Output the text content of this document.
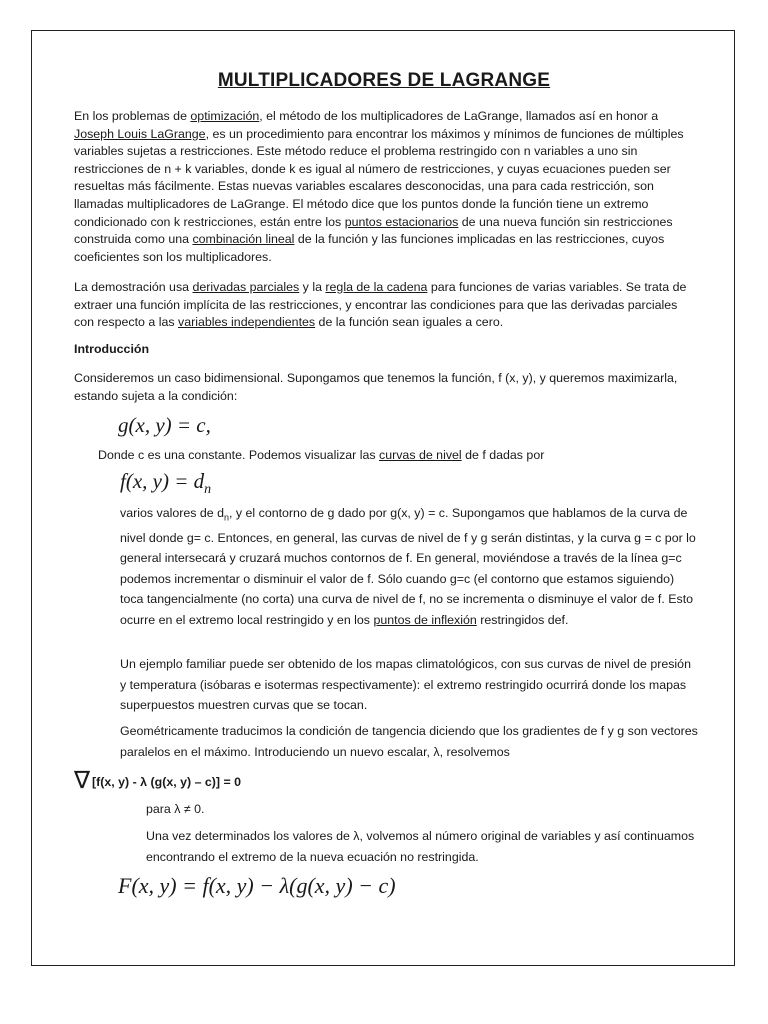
MULTIPLICADORES DE LAGRANGE
En los problemas de optimización, el método de los multiplicadores de LaGrange, llamados así en honor a Joseph Louis LaGrange, es un procedimiento para encontrar los máximos y mínimos de funciones de múltiples variables sujetas a restricciones. Este método reduce el problema restringido con n variables a uno sin restricciones de n + k variables, donde k es igual al número de restricciones, y cuyas ecuaciones pueden ser resueltas más fácilmente. Estas nuevas variables escalares desconocidas, una para cada restricción, son llamadas multiplicadores de LaGrange. El método dice que los puntos donde la función tiene un extremo condicionado con k restricciones, están entre los puntos estacionarios de una nueva función sin restricciones construida como una combinación lineal de la función y las funciones implicadas en las restricciones, cuyos coeficientes son los multiplicadores.
La demostración usa derivadas parciales y la regla de la cadena para funciones de varias variables. Se trata de extraer una función implícita de las restricciones, y encontrar las condiciones para que las derivadas parciales con respecto a las variables independientes de la función sean iguales a cero.
Introducción
Consideremos un caso bidimensional. Supongamos que tenemos la función, f (x, y), y queremos maximizarla, estando sujeta a la condición:
g(x, y) = c,
Donde c es una constante. Podemos visualizar las curvas de nivel de f dadas por
f(x, $y) = d_n$
varios valores de $d_n$, y el contorno de g dado por g(x, y) = c. Supongamos que hablamos de la curva de nivel donde g= c. Entonces, en general, las curvas de nivel de f y g serán distintas, y la curva g = c por lo general intersecará y cruzará muchos contornos de f. En general, moviéndose a través de la línea g=c podemos incrementar o disminuir el valor de f. Sólo cuando g=c (el contorno que estamos siguiendo) toca tangencialmente (no corta) una curva de nivel de f, no se incrementa o disminuye el valor de f. Esto ocurre en el extremo local restringido y en los puntos de inflexión restringidos def.
Un ejemplo familiar puede ser obtenido de los mapas climatológicos, con sus curvas de nivel de presión y temperatura (isóbaras e isotermas respectivamente): el extremo restringido ocurrirá donde los mapas superpuestos muestren curvas que se tocan.
Geométricamente traducimos la condición de tangencia diciendo que los gradientes de f y g son vectores paralelos en el máximo. Introduciendo un nuevo escalar, λ, resolvemos
∇ [f(x, y) - λ (g(x, y) – c)] = 0
para λ ≠ 0.
Una vez determinados los valores de λ, volvemos al número original de variables y así continuamos encontrando el extremo de la nueva ecuación no restringida.
F(x, y) = f(x, y) − λ(g(x, y) − c)
